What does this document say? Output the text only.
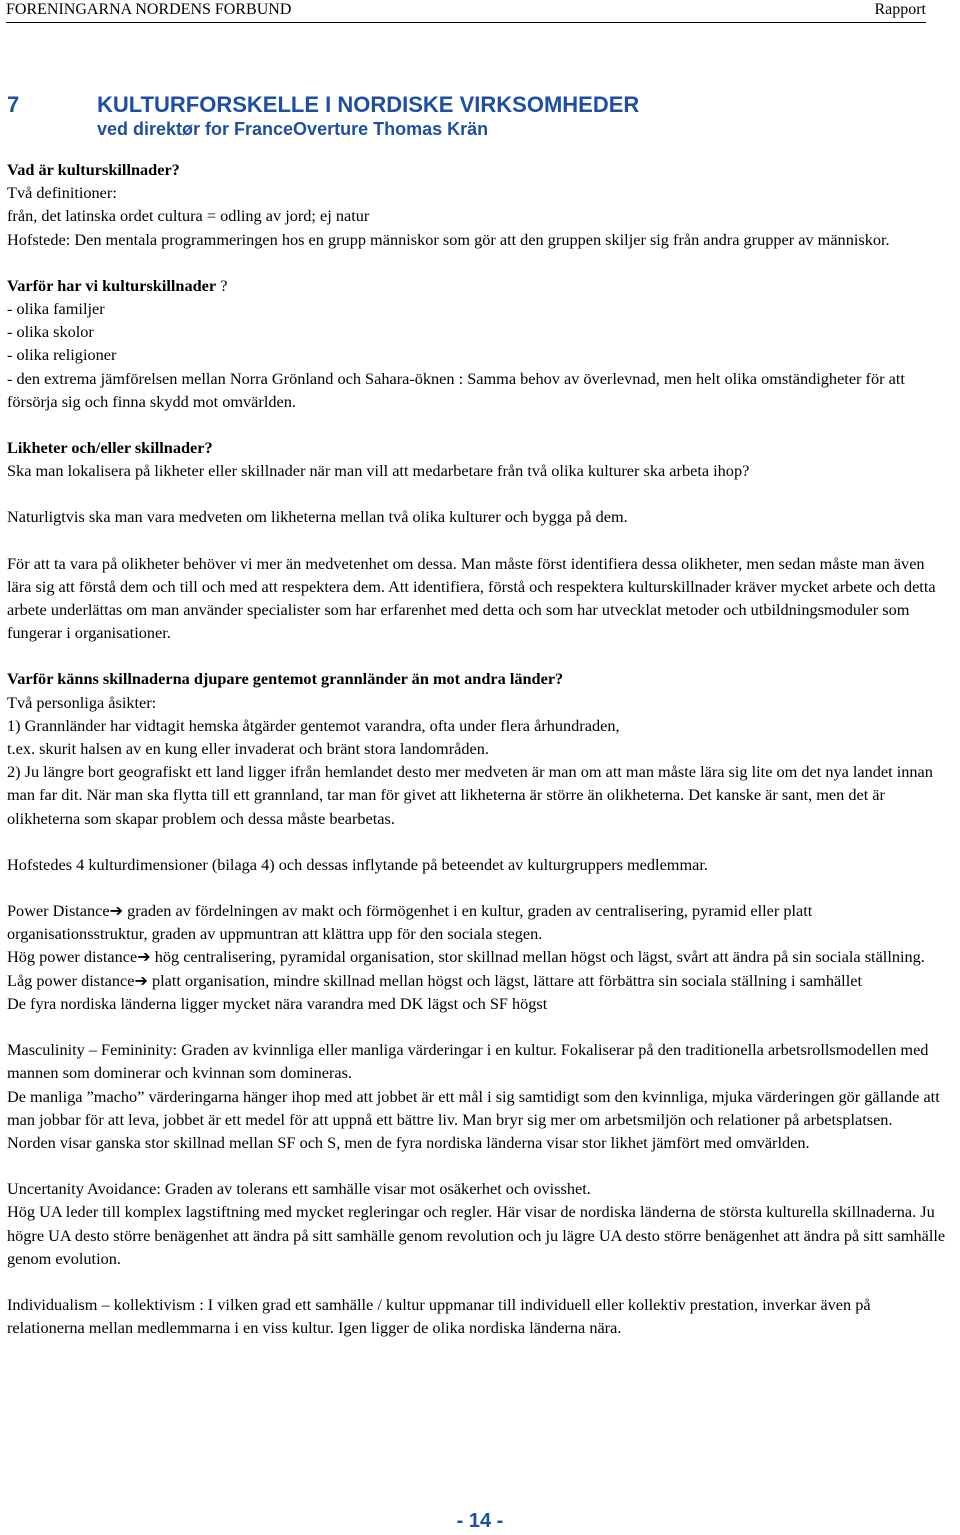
FORENINGARNA NORDENS FORBUND	Rapport
7	KULTURFORSKELLE I NORDISKE VIRKSOMHEDER
ved direktør for FranceOverture Thomas Krän
Vad är kulturskillnader?
Två definitioner:
från, det latinska ordet cultura = odling av jord; ej natur
Hofstede: Den mentala programmeringen hos en grupp människor som gör att den gruppen skiljer sig från andra grupper av människor.
Varför har vi kulturskillnader ?
- olika familjer
- olika skolor
- olika religioner
- den extrema jämförelsen mellan Norra Grönland och Sahara-öknen : Samma behov av överlevnad, men helt olika omständigheter för att försörja sig och finna skydd mot omvärlden.
Likheter och/eller skillnader?
Ska man lokalisera på likheter eller skillnader när man vill att medarbetare från två olika kulturer ska arbeta ihop?
Naturligtvis ska man vara medveten om likheterna mellan två olika kulturer och bygga på dem.
För att ta vara på olikheter behöver vi mer än medvetenhet om dessa. Man måste först identifiera dessa olikheter, men sedan måste man även lära sig att förstå dem och till och med att respektera dem. Att identifiera, förstå och respektera kulturskillnader kräver mycket arbete och detta arbete underlättas om man använder specialister som har erfarenhet med detta och som har utvecklat metoder och utbildningsmoduler som fungerar i organisationer.
Varför känns skillnaderna djupare gentemot grannländer än mot andra länder?
Två personliga åsikter:
1) Grannländer har vidtagit hemska åtgärder gentemot varandra, ofta under flera århundraden,
t.ex. skurit halsen av en kung eller invaderat och bränt stora landområden.
2) Ju längre bort geografiskt ett land ligger ifrån hemlandet desto mer medveten är man om att man måste lära sig lite om det nya landet innan man far dit. När man ska flytta till ett grannland, tar man för givet att likheterna är större än olikheterna. Det kanske är sant, men det är olikheterna som skapar problem och dessa måste bearbetas.
Hofstedes 4 kulturdimensioner (bilaga 4) och dessas inflytande på beteendet av kulturgruppers medlemmar.
Power Distance➔ graden av fördelningen av makt och förmögenhet i en kultur, graden av centralisering, pyramid eller platt organisationsstruktur, graden av uppmuntran att klättra upp för den sociala stegen.
Hög power distance➔ hög centralisering, pyramidal organisation, stor skillnad mellan högst och lägst, svårt att ändra på sin sociala ställning.
Låg power distance➔ platt organisation, mindre skillnad mellan högst och lägst, lättare att förbättra sin sociala ställning i samhället
De fyra nordiska länderna ligger mycket nära varandra med DK lägst och SF högst
Masculinity – Femininity: Graden av kvinnliga eller manliga värderingar i en kultur. Fokaliserar på den traditionella arbetsrollsmodellen med mannen som dominerar och kvinnan som domineras.
De manliga ”macho” värderingarna hänger ihop med att jobbet är ett mål i sig samtidigt som den kvinnliga, mjuka värderingen gör gällande att man jobbar för att leva, jobbet är ett medel för att uppnå ett bättre liv. Man bryr sig mer om arbetsmiljön och relationer på arbetsplatsen.
Norden visar ganska stor skillnad mellan SF och S, men de fyra nordiska länderna visar stor likhet jämfört med omvärlden.
Uncertanity Avoidance: Graden av tolerans ett samhälle visar mot osäkerhet och ovisshet.
Hög UA leder till komplex lagstiftning med mycket regleringar och regler. Här visar de nordiska länderna de största kulturella skillnaderna. Ju högre UA desto större benägenhet att ändra på sitt samhälle genom revolution och ju lägre UA desto större benägenhet att ändra på sitt samhälle genom evolution.
Individualism – kollektivism : I vilken grad ett samhälle / kultur uppmanar till individuell eller kollektiv prestation, inverkar även på relationerna mellan medlemmarna i en viss kultur. Igen ligger de olika nordiska länderna nära.
- 14 -
